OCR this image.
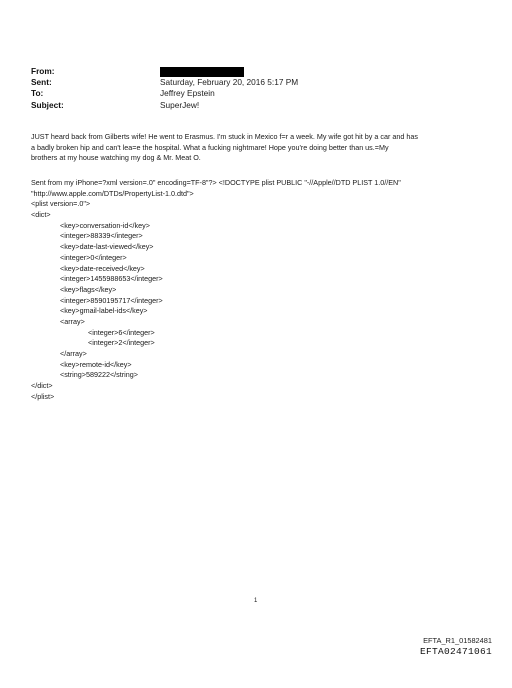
From:
Sent:	Saturday, February 20, 2016 5:17 PM
To:	Jeffrey Epstein
Subject:	SuperJew!

JUST heard back from Gilberts wife! He went to Erasmus. I'm stuck in Mexico f=r a week. My wife got hit by a car and has

a badly broken hip and can't lea=e the hospital. What a fucking nightmare! Hope you're doing better than us.=My

brothers at my house watching my dog & Mr. Meat O.

Sent from my iPhone=?xml version=.0" encoding=TF-8"?> <!DOCTYPE plist PUBLIC "-//Apple//DTD PLIST 1.0//EN"
"http://www.apple.com/DTDs/PropertyList-1.0.dtd">
<plist version=.0">
<dict>
<key>conversation-id</key>
<integer>88339</integer>
<key>date-last-viewed</key>
<integer>0</integer>
<key>date-received</key>
<integer>1455988653</integer>
<key>flags</key>
<integer>8590195717</integer>
<key>gmail-label-ids</key>
<array>
<integer>6</integer>
<integer>2</integer>
</array>
<key>remote-id</key>
<string>589222</string>
</dict>
</plist>
1
EFTA_R1_01582481
EFTA02471061
